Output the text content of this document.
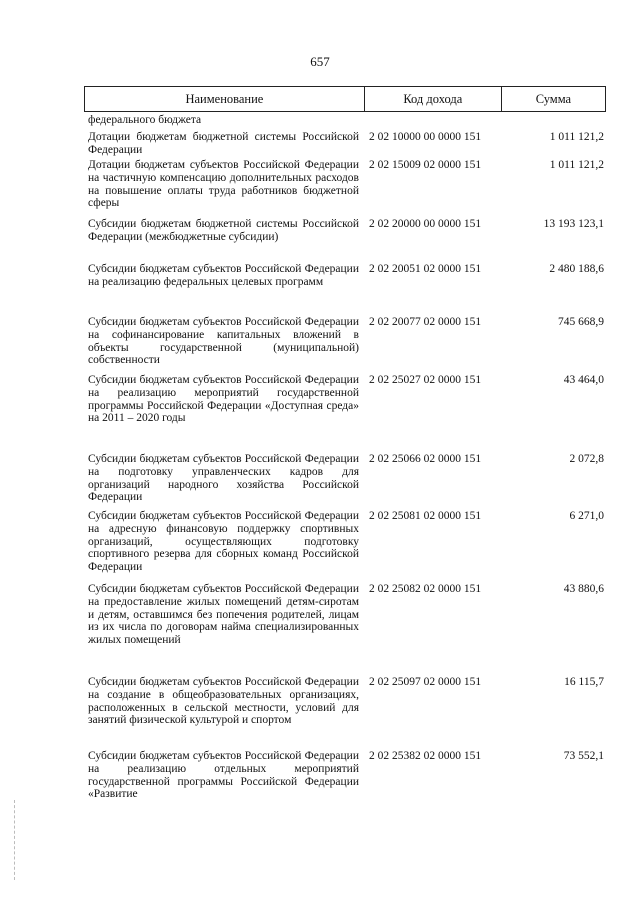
657
Наименование	Код дохода	Сумма
федерального бюджета
Дотации бюджетам бюджетной системы Российской Федерации
2 02 10000 00 0000 151	1 011 121,2
Дотации бюджетам субъектов Российской Федерации на частичную компенсацию дополнительных расходов на повышение оплаты труда работников бюджетной сферы
2 02 15009 02 0000 151	1 011 121,2
Субсидии бюджетам бюджетной системы Российской Федерации (межбюджетные субсидии)
2 02 20000 00 0000 151	13 193 123,1
Субсидии бюджетам субъектов Российской Федерации на реализацию федеральных целевых программ
2 02 20051 02 0000 151	2 480 188,6
Субсидии бюджетам субъектов Российской Федерации на софинансирование капитальных вложений в объекты государственной (муниципальной) собственности
2 02 20077 02 0000 151	745 668,9
Субсидии бюджетам субъектов Российской Федерации на реализацию мероприятий государственной программы Российской Федерации «Доступная среда» на 2011 – 2020 годы
2 02 25027 02 0000 151	43 464,0
Субсидии бюджетам субъектов Российской Федерации на подготовку управленческих кадров для организаций народного хозяйства Российской Федерации
2 02 25066 02 0000 151	2 072,8
Субсидии бюджетам субъектов Российской Федерации на адресную финансовую поддержку спортивных организаций, осуществляющих подготовку спортивного резерва для сборных команд Российской Федерации
2 02 25081 02 0000 151	6 271,0
Субсидии бюджетам субъектов Российской Федерации на предоставление жилых помещений детям-сиротам и детям, оставшимся без попечения родителей, лицам из их числа по договорам найма специализированных жилых помещений
2 02 25082 02 0000 151	43 880,6
Субсидии бюджетам субъектов Российской Федерации на создание в общеобразовательных организациях, расположенных в сельской местности, условий для занятий физической культурой и спортом
2 02 25097 02 0000 151	16 115,7
Субсидии бюджетам субъектов Российской Федерации на реализацию отдельных мероприятий государственной программы Российской Федерации «Развитие
2 02 25382 02 0000 151	73 552,1
